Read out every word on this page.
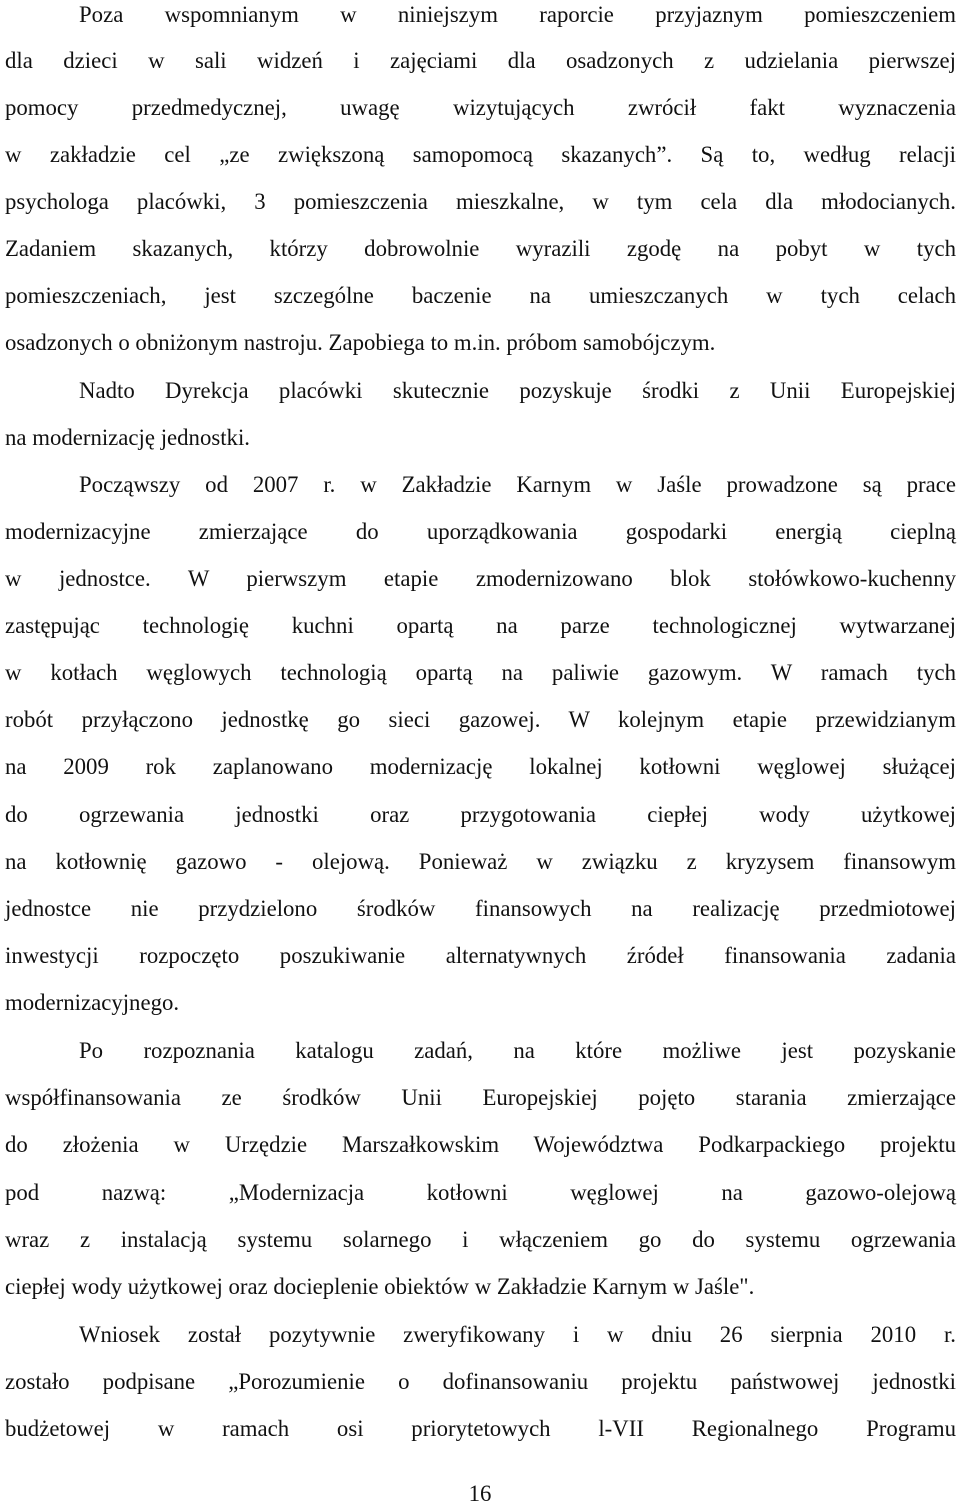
Poza wspomnianym w niniejszym raporcie przyjaznym pomieszczeniem
dla dzieci w sali widzeń i zajęciami dla osadzonych z udzielania pierwszej
pomocy przedmedycznej, uwagę wizytujących zwrócił fakt wyznaczenia
w zakładzie cel „ze zwiększoną samopomocą skazanych”. Są to, według relacji
psychologa placówki, 3 pomieszczenia mieszkalne, w tym cela dla młodocianych.
Zadaniem skazanych, którzy dobrowolnie wyrazili zgodę na pobyt w tych
pomieszczeniach, jest szczególne baczenie na umieszczanych w tych celach
osadzonych o obniżonym nastroju. Zapobiega to m.in. próbom samobójczym.
Nadto Dyrekcja placówki skutecznie pozyskuje środki z Unii Europejskiej
na modernizację jednostki.
Począwszy od 2007 r. w Zakładzie Karnym w Jaśle prowadzone są prace
modernizacyjne zmierzające do uporządkowania gospodarki energią cieplną
w jednostce. W pierwszym etapie zmodernizowano blok stołówkowo-kuchenny
zastępując technologię kuchni opartą na parze technologicznej wytwarzanej
w kotłach węglowych technologią opartą na paliwie gazowym. W ramach tych
robót przyłączono jednostkę go sieci gazowej. W kolejnym etapie przewidzianym
na 2009 rok zaplanowano modernizację lokalnej kotłowni węglowej służącej
do ogrzewania jednostki oraz przygotowania ciepłej wody użytkowej
na kotłownię gazowo - olejową. Ponieważ w związku z kryzysem finansowym
jednostce nie przydzielono środków finansowych na realizację przedmiotowej
inwestycji rozpoczęto poszukiwanie alternatywnych źródeł finansowania zadania
modernizacyjnego.
Po rozpoznania katalogu zadań, na które możliwe jest pozyskanie
współfinansowania ze środków Unii Europejskiej pojęto starania zmierzające
do złożenia w Urzędzie Marszałkowskim Województwa Podkarpackiego projektu
pod nazwą: „Modernizacja kotłowni węglowej na gazowo-olejową
wraz z instalacją systemu solarnego i włączeniem go do systemu ogrzewania
ciepłej wody użytkowej oraz docieplenie obiektów w Zakładzie Karnym w Jaśle".
Wniosek został pozytywnie zweryfikowany i w dniu 26 sierpnia 2010 r.
zostało podpisane „Porozumienie o dofinansowaniu projektu państwowej jednostki
budżetowej w ramach osi priorytetowych l-VII Regionalnego Programu
16
